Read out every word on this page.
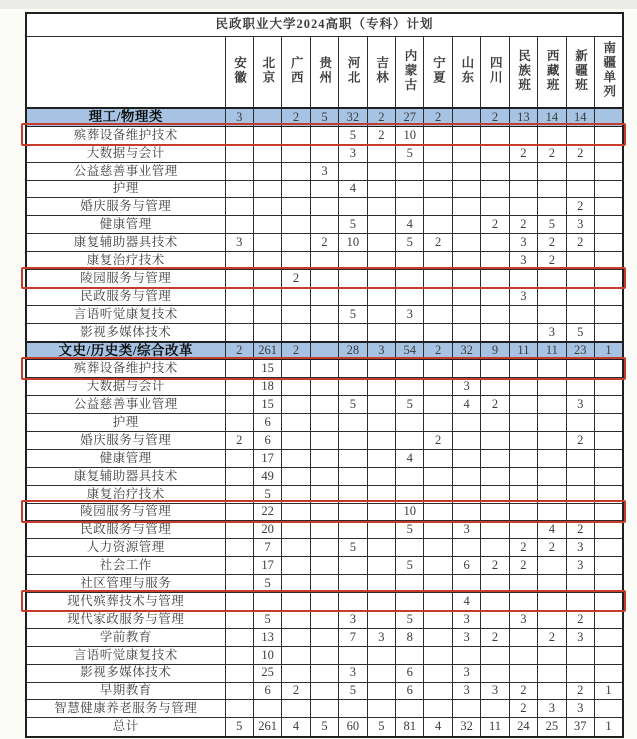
民政职业大学2024高职（专科）计划														
	安徽	北京	广西	贵州	河北	吉林	内蒙古	宁夏	山东	四川	民族班	西藏班	新疆班	南疆单列
理工/物理类	3		2	5	32	2	27	2		2	13	14	14	
殡葬设备维护技术					5	2	10							
大数据与会计					3		5				2	2	2	
公益慈善事业管理				3										
护理					4									
婚庆服务与管理													2	
健康管理					5		4			2	2	5	3	
康复辅助器具技术	3			2	10		5	2			3	2	2	
康复治疗技术											3	2		
陵园服务与管理			2											
民政服务与管理											3			
言语听觉康复技术					5		3							
影视多媒体技术												3	5	
文史/历史类/综合改革	2	261	2		28	3	54	2	32	9	11	11	23	1
殡葬设备维护技术		15												
大数据与会计		18							3					
公益慈善事业管理		15			5		5		4	2			3	
护理		6												
婚庆服务与管理	2	6						2					2	
健康管理		17					4							
康复辅助器具技术		49												
康复治疗技术		5												
陵园服务与管理		22					10							
民政服务与管理		20					5		3			4	2	
人力资源管理		7			5						2	2	3	
社会工作		17					5		6	2	2		3	
社区管理与服务		5												
现代殡葬技术与管理									4					
现代家政服务与管理		5			3		5		3		3		2	
学前教育		13			7	3	8		3	2		2	3	
言语听觉康复技术		10												
影视多媒体技术		25			3		6		3					
早期教育		6	2		5		6		3	3	2		2	1
智慧健康养老服务与管理											2	3	3	
总计	5	261	4	5	60	5	81	4	32	11	24	25	37	1
